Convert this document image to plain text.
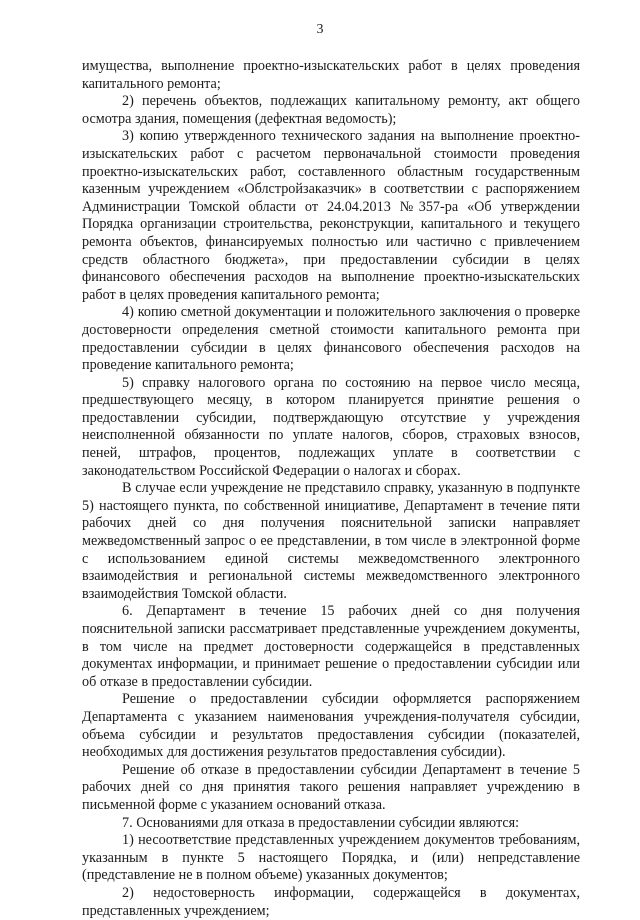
3

имущества, выполнение проектно-изыскательских работ в целях проведения капитального ремонта;

2) перечень объектов, подлежащих капитальному ремонту, акт общего осмотра здания, помещения (дефектная ведомость);

3) копию утвержденного технического задания на выполнение проектно-изыскательских работ с расчетом первоначальной стоимости проведения проектно-изыскательских работ, составленного областным государственным казенным учреждением «Облстройзаказчик» в соответствии с распоряжением Администрации Томской области от 24.04.2013 №357-ра «Об утверждении Порядка организации строительства, реконструкции, капитального и текущего ремонта объектов, финансируемых полностью или частично с привлечением средств областного бюджета», при предоставлении субсидии в целях финансового обеспечения расходов на выполнение проектно-изыскательских работ в целях проведения капитального ремонта;

4) копию сметной документации и положительного заключения о проверке достоверности определения сметной стоимости капитального ремонта при предоставлении субсидии в целях финансового обеспечения расходов на проведение капитального ремонта;

5) справку налогового органа по состоянию на первое число месяца, предшествующего месяцу, в котором планируется принятие решения о предоставлении субсидии, подтверждающую отсутствие у учреждения неисполненной обязанности по уплате налогов, сборов, страховых взносов, пеней, штрафов, процентов, подлежащих уплате в соответствии с законодательством Российской Федерации о налогах и сборах.

В случае если учреждение не представило справку, указанную в подпункте 5) настоящего пункта, по собственной инициативе, Департамент в течение пяти рабочих дней со дня получения пояснительной записки направляет межведомственный запрос о ее представлении, в том числе в электронной форме с использованием единой системы межведомственного электронного взаимодействия и региональной системы межведомственного электронного взаимодействия Томской области.

6. Департамент в течение 15 рабочих дней со дня получения пояснительной записки рассматривает представленные учреждением документы, в том числе на предмет достоверности содержащейся в представленных документах информации, и принимает решение о предоставлении субсидии или об отказе в предоставлении субсидии.

Решение о предоставлении субсидии оформляется распоряжением Департамента с указанием наименования учреждения-получателя субсидии, объема субсидии и результатов предоставления субсидии (показателей, необходимых для достижения результатов предоставления субсидии).

Решение об отказе в предоставлении субсидии Департамент в течение 5 рабочих дней со дня принятия такого решения направляет учреждению в письменной форме с указанием оснований отказа.

7. Основаниями для отказа в предоставлении субсидии являются:

1) несоответствие представленных учреждением документов требованиям, указанным в пункте 5 настоящего Порядка, и (или) непредставление (представление не в полном объеме) указанных документов;

2) недостоверность информации, содержащейся в документах, представленных учреждением;
